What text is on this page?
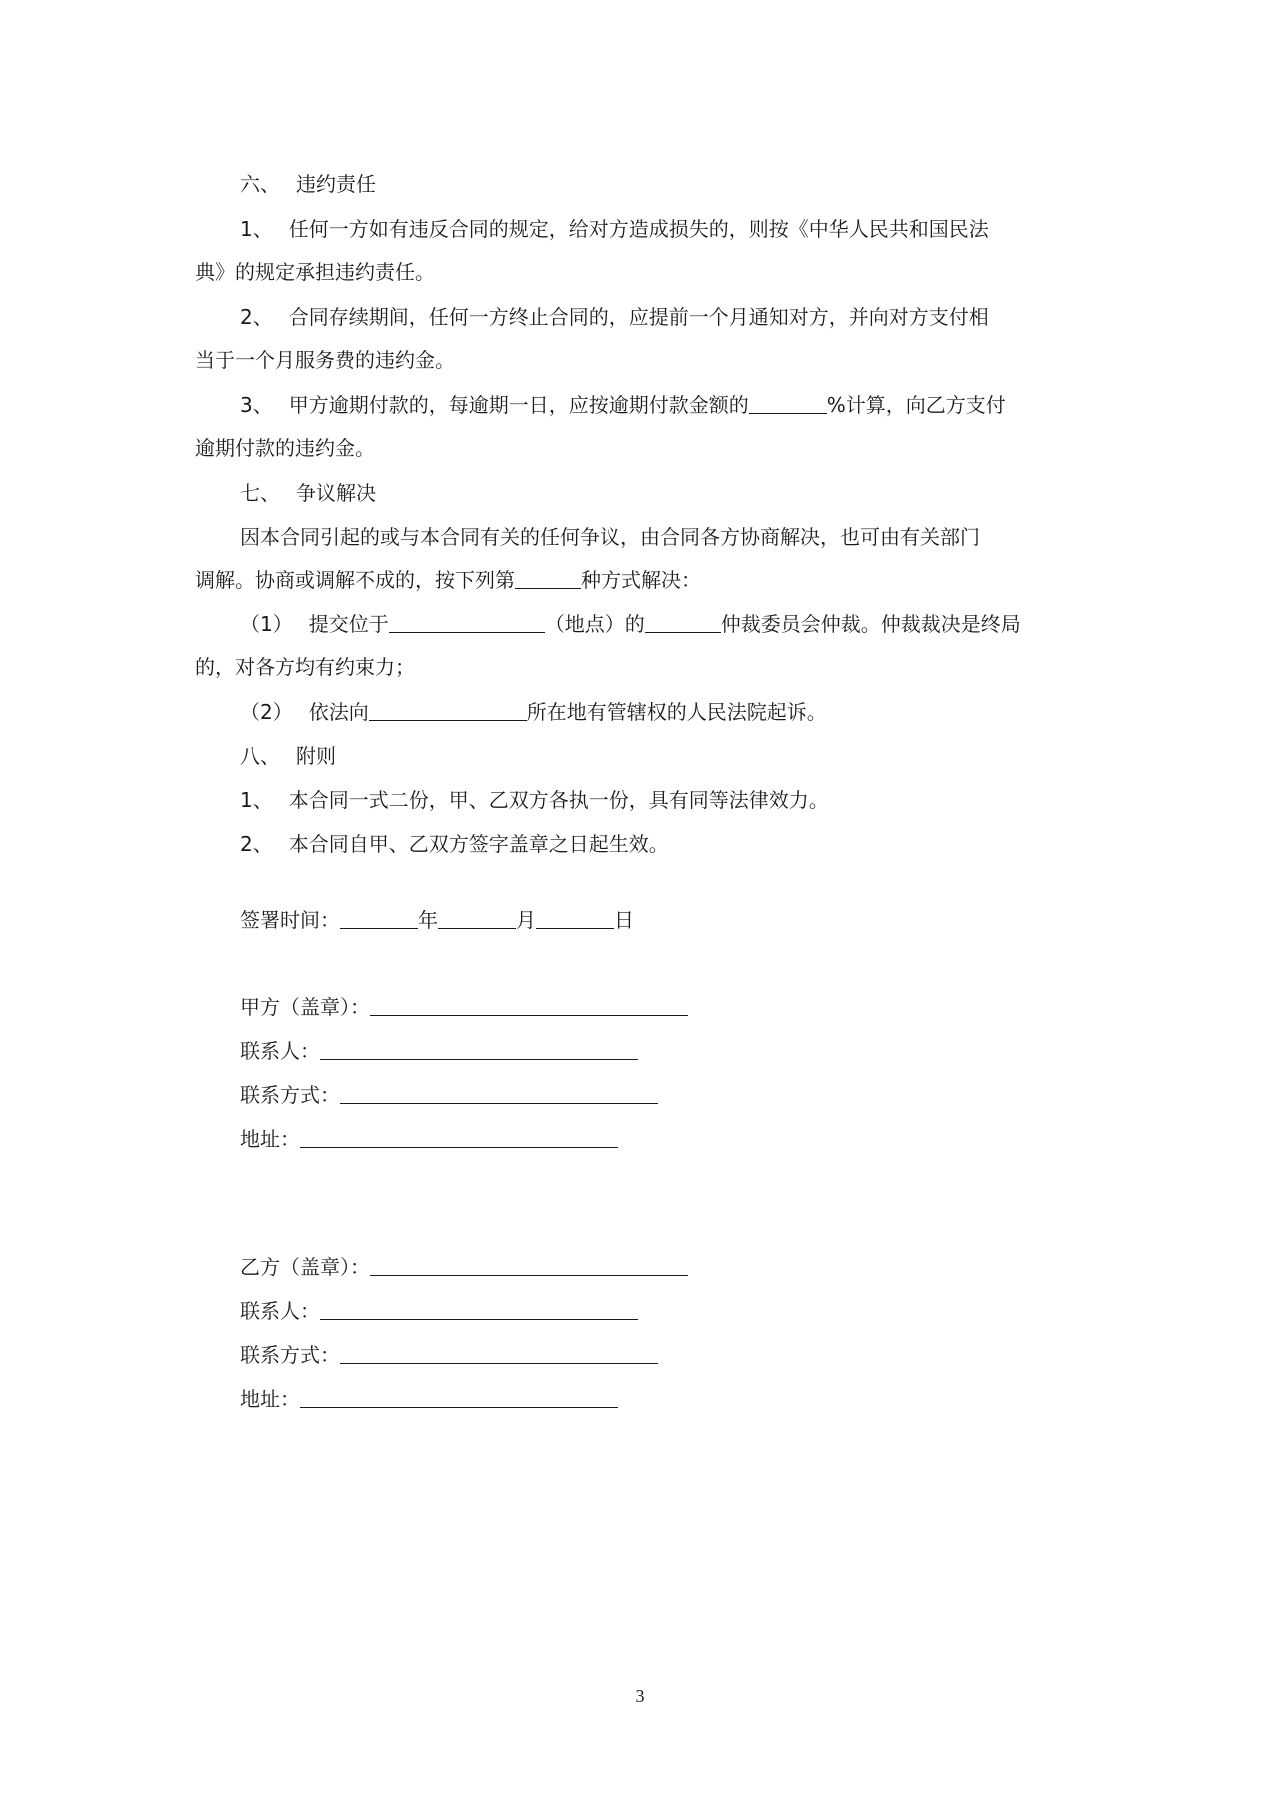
六、 违约责任
1、 任何一方如有违反合同的规定，给对方造成损失的，则按《中华人民共和国民法
典》的规定承担违约责任。
2、 合同存续期间，任何一方终止合同的，应提前一个月通知对方，并向对方支付相
当于一个月服务费的违约金。
3、 甲方逾期付款的，每逾期一日，应按逾期付款金额的	%计算，向乙方支付
逾期付款的违约金。
七、 争议解决
因本合同引起的或与本合同有关的任何争议，由合同各方协商解决，也可由有关部门
调解。协商或调解不成的，按下列第	种方式解决：
（1） 提交位于	（地点）的	仲裁委员会仲裁。仲裁裁决是终局
的，对各方均有约束力；
（2） 依法向	所在地有管辖权的人民法院起诉。
八、 附则
1、 本合同一式二份，甲、乙双方各执一份，具有同等法律效力。
2、 本合同自甲、乙双方签字盖章之日起生效。
签署时间：	年	月	日
甲方（盖章）：
联系人：
联系方式：
地址：
乙方（盖章）：
联系人：
联系方式：
地址：
3
